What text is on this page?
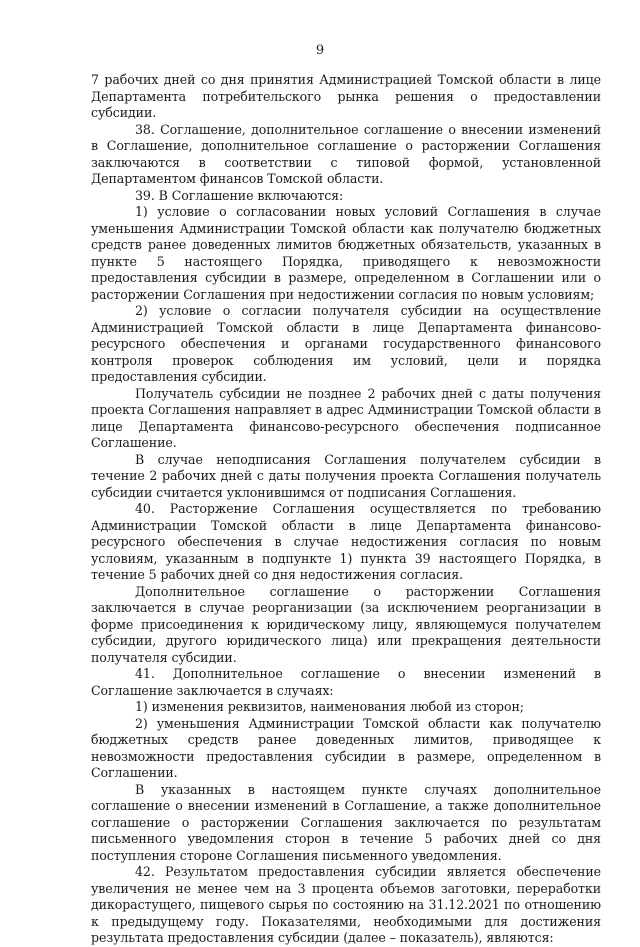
9

7 рабочих дней со дня принятия Администрацией Томской области в лице Департамента потребительского рынка решения о предоставлении субсидии.

38. Соглашение, дополнительное соглашение о внесении изменений в Соглашение, дополнительное соглашение о расторжении Соглашения заключаются в соответствии с типовой формой, установленной Департаментом финансов Томской области.

39. В Соглашение включаются:

1) условие о согласовании новых условий Соглашения в случае уменьшения Администрации Томской области как получателю бюджетных средств ранее доведенных лимитов бюджетных обязательств, указанных в пункте 5 настоящего Порядка, приводящего к невозможности предоставления субсидии в размере, определенном в Соглашении или о расторжении Соглашения при недостижении согласия по новым условиям;

2) условие о согласии получателя субсидии на осуществление Администрацией Томской области в лице Департамента финансово-ресурсного обеспечения и органами государственного финансового контроля проверок соблюдения им условий, цели и порядка предоставления субсидии.

Получатель субсидии не позднее 2 рабочих дней с даты получения проекта Соглашения направляет в адрес Администрации Томской области в лице Департамента финансово-ресурсного обеспечения подписанное Соглашение.

В случае неподписания Соглашения получателем субсидии в течение 2 рабочих дней с даты получения проекта Соглашения получатель субсидии считается уклонившимся от подписания Соглашения.

40. Расторжение Соглашения осуществляется по требованию Администрации Томской области в лице Департамента финансово-ресурсного обеспечения в случае недостижения согласия по новым условиям, указанным в подпункте 1) пункта 39 настоящего Порядка, в течение 5 рабочих дней со дня недостижения согласия.

Дополнительное соглашение о расторжении Соглашения заключается в случае реорганизации (за исключением реорганизации в форме присоединения к юридическому лицу, являющемуся получателем субсидии, другого юридического лица) или прекращения деятельности получателя субсидии.

41. Дополнительное соглашение о внесении изменений в Соглашение заключается в случаях:

1) изменения реквизитов, наименования любой из сторон;

2) уменьшения Администрации Томской области как получателю бюджетных средств ранее доведенных лимитов, приводящее к невозможности предоставления субсидии в размере, определенном в Соглашении.

В указанных в настоящем пункте случаях дополнительное соглашение о внесении изменений в Соглашение, а также дополнительное соглашение о расторжении Соглашения заключается по результатам письменного уведомления сторон в течение 5 рабочих дней со дня поступления стороне Соглашения письменного уведомления.

42. Результатом предоставления субсидии является обеспечение увеличения не менее чем на 3 процента объемов заготовки, переработки дикорастущего, пищевого сырья по состоянию на 31.12.2021 по отношению к предыдущему году. Показателями, необходимыми для достижения результата предоставления субсидии (далее – показатель), являются:
